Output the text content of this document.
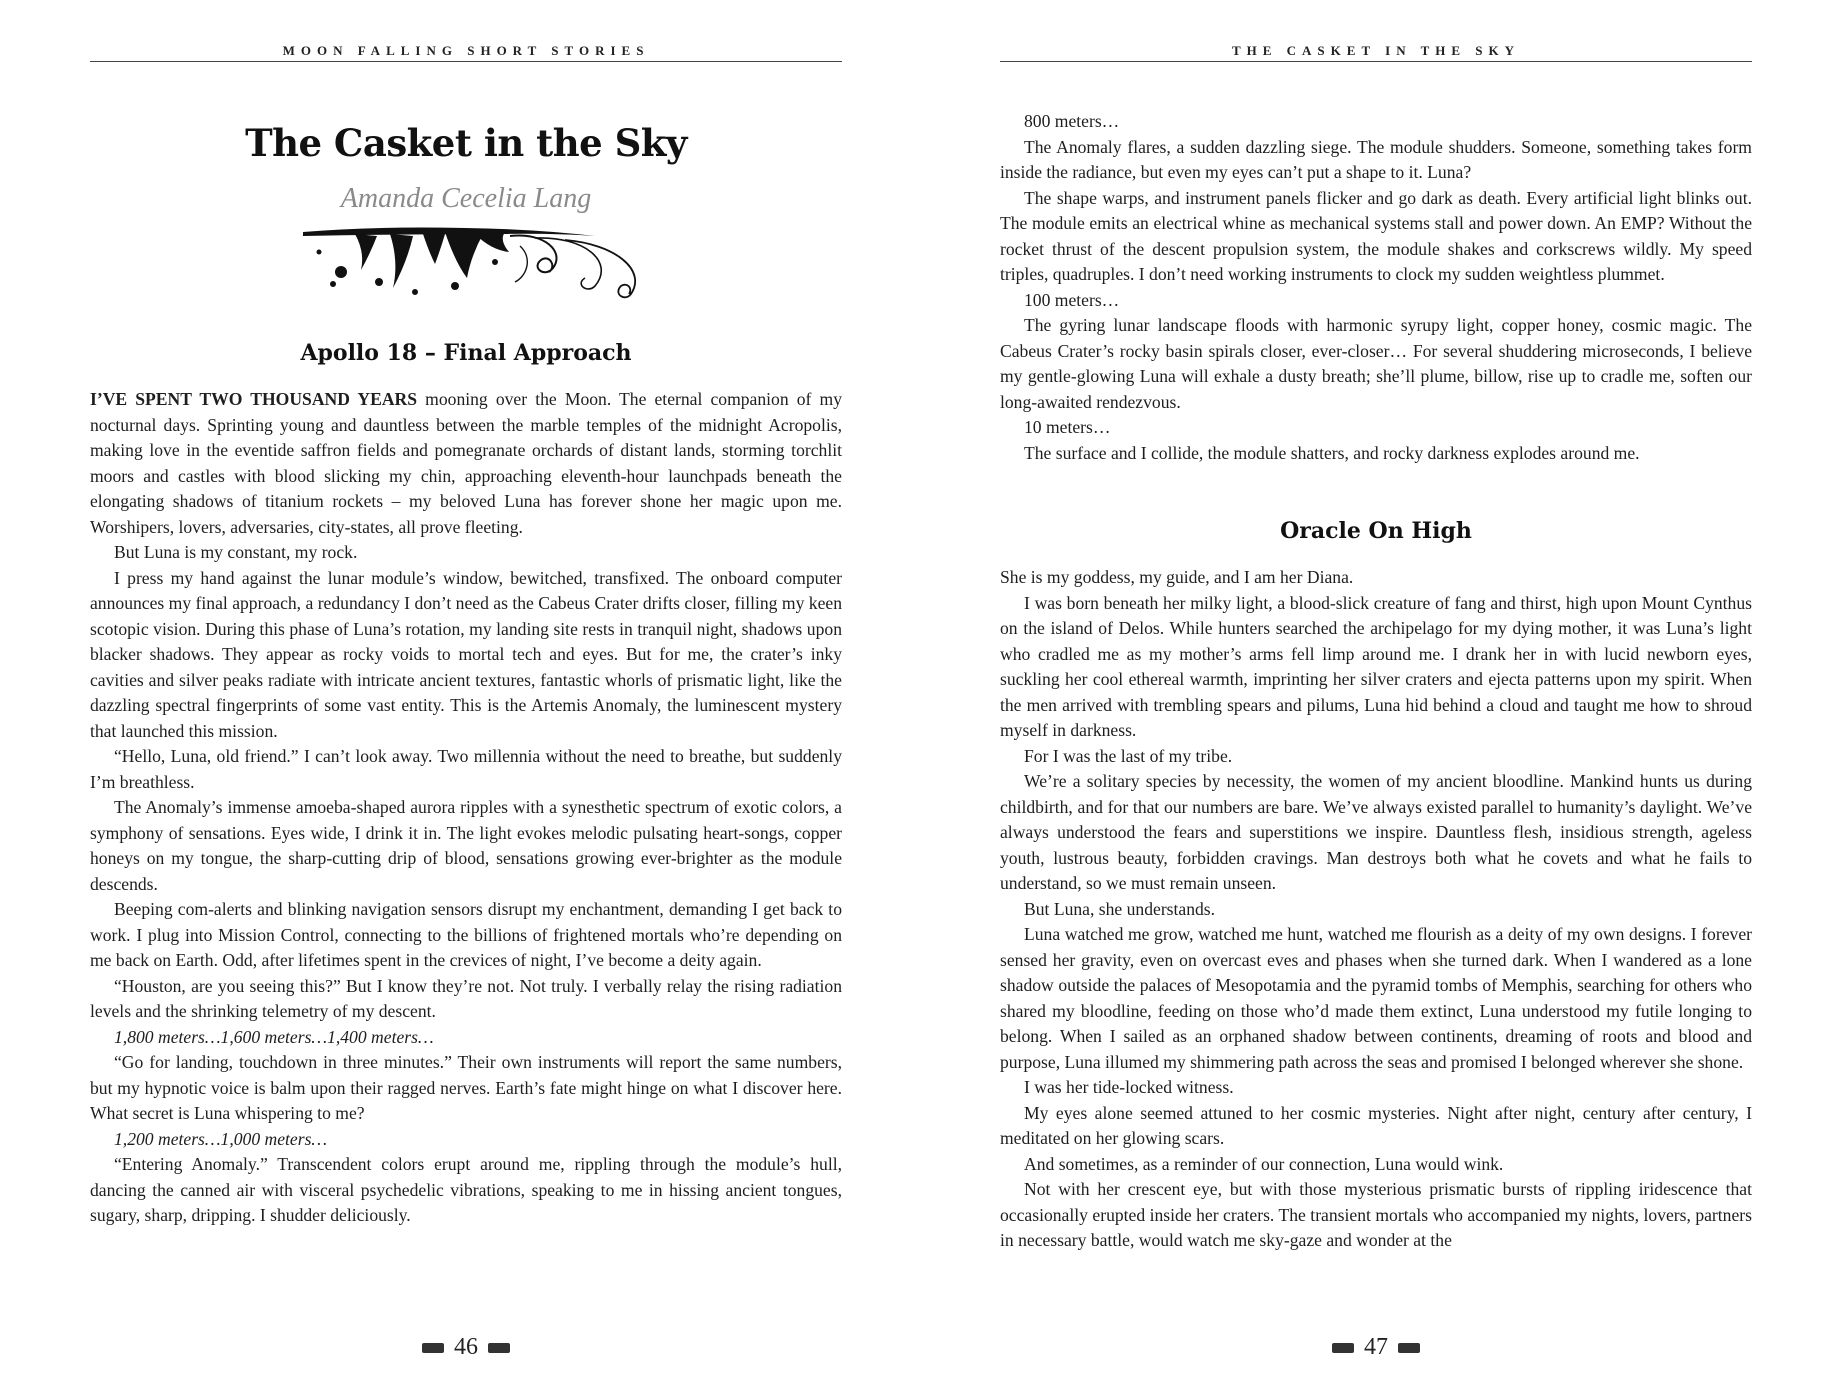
MOON FALLING SHORT STORIES
The Casket in the Sky
Amanda Cecelia Lang
Apollo 18 – Final Approach

I’VE SPENT TWO THOUSAND YEARS mooning over the Moon. The eternal companion of my nocturnal days. Sprinting young and dauntless between the marble temples of the midnight Acropolis, making love in the eventide saffron fields and pomegranate orchards of distant lands, storming torchlit moors and castles with blood slicking my chin, approaching eleventh-hour launchpads beneath the elongating shadows of titanium rockets – my beloved Luna has forever shone her magic upon me. Worshipers, lovers, adversaries, city-states, all prove fleeting.

But Luna is my constant, my rock.

I press my hand against the lunar module’s window, bewitched, transfixed. The onboard computer announces my final approach, a redundancy I don’t need as the Cabeus Crater drifts closer, filling my keen scotopic vision. During this phase of Luna’s rotation, my landing site rests in tranquil night, shadows upon blacker shadows. They appear as rocky voids to mortal tech and eyes. But for me, the crater’s inky cavities and silver peaks radiate with intricate ancient textures, fantastic whorls of prismatic light, like the dazzling spectral fingerprints of some vast entity. This is the Artemis Anomaly, the luminescent mystery that launched this mission.

“Hello, Luna, old friend.” I can’t look away. Two millennia without the need to breathe, but suddenly I’m breathless.

The Anomaly’s immense amoeba-shaped aurora ripples with a synesthetic spectrum of exotic colors, a symphony of sensations. Eyes wide, I drink it in. The light evokes melodic pulsating heart-songs, copper honeys on my tongue, the sharp-cutting drip of blood, sensations growing ever-brighter as the module descends.

Beeping com-alerts and blinking navigation sensors disrupt my enchantment, demanding I get back to work. I plug into Mission Control, connecting to the billions of frightened mortals who’re depending on me back on Earth. Odd, after lifetimes spent in the crevices of night, I’ve become a deity again.

“Houston, are you seeing this?” But I know they’re not. Not truly. I verbally relay the rising radiation levels and the shrinking telemetry of my descent.

1,800 meters…1,600 meters…1,400 meters…

“Go for landing, touchdown in three minutes.” Their own instruments will report the same numbers, but my hypnotic voice is balm upon their ragged nerves. Earth’s fate might hinge on what I discover here. What secret is Luna whispering to me?

1,200 meters…1,000 meters…

“Entering Anomaly.” Transcendent colors erupt around me, rippling through the module’s hull, dancing the canned air with visceral psychedelic vibrations, speaking to me in hissing ancient tongues, sugary, sharp, dripping. I shudder deliciously.

46
THE CASKET IN THE SKY

800 meters…

The Anomaly flares, a sudden dazzling siege. The module shudders. Someone, something takes form inside the radiance, but even my eyes can’t put a shape to it. Luna?

The shape warps, and instrument panels flicker and go dark as death. Every artificial light blinks out. The module emits an electrical whine as mechanical systems stall and power down. An EMP? Without the rocket thrust of the descent propulsion system, the module shakes and corkscrews wildly. My speed triples, quadruples. I don’t need working instruments to clock my sudden weightless plummet.

100 meters…

The gyring lunar landscape floods with harmonic syrupy light, copper honey, cosmic magic. The Cabeus Crater’s rocky basin spirals closer, ever-closer… For several shuddering microseconds, I believe my gentle-glowing Luna will exhale a dusty breath; she’ll plume, billow, rise up to cradle me, soften our long-awaited rendezvous.

10 meters…

The surface and I collide, the module shatters, and rocky darkness explodes around me.

Oracle On High

She is my goddess, my guide, and I am her Diana.

I was born beneath her milky light, a blood-slick creature of fang and thirst, high upon Mount Cynthus on the island of Delos. While hunters searched the archipelago for my dying mother, it was Luna’s light who cradled me as my mother’s arms fell limp around me. I drank her in with lucid newborn eyes, suckling her cool ethereal warmth, imprinting her silver craters and ejecta patterns upon my spirit. When the men arrived with trembling spears and pilums, Luna hid behind a cloud and taught me how to shroud myself in darkness.

For I was the last of my tribe.

We’re a solitary species by necessity, the women of my ancient bloodline. Mankind hunts us during childbirth, and for that our numbers are bare. We’ve always existed parallel to humanity’s daylight. We’ve always understood the fears and superstitions we inspire. Dauntless flesh, insidious strength, ageless youth, lustrous beauty, forbidden cravings. Man destroys both what he covets and what he fails to understand, so we must remain unseen.

But Luna, she understands.

Luna watched me grow, watched me hunt, watched me flourish as a deity of my own designs. I forever sensed her gravity, even on overcast eves and phases when she turned dark. When I wandered as a lone shadow outside the palaces of Mesopotamia and the pyramid tombs of Memphis, searching for others who shared my bloodline, feeding on those who’d made them extinct, Luna understood my futile longing to belong. When I sailed as an orphaned shadow between continents, dreaming of roots and blood and purpose, Luna illumed my shimmering path across the seas and promised I belonged wherever she shone.

I was her tide-locked witness.

My eyes alone seemed attuned to her cosmic mysteries. Night after night, century after century, I meditated on her glowing scars.

And sometimes, as a reminder of our connection, Luna would wink.

Not with her crescent eye, but with those mysterious prismatic bursts of rippling iridescence that occasionally erupted inside her craters. The transient mortals who accompanied my nights, lovers, partners in necessary battle, would watch me sky-gaze and wonder at the

47
